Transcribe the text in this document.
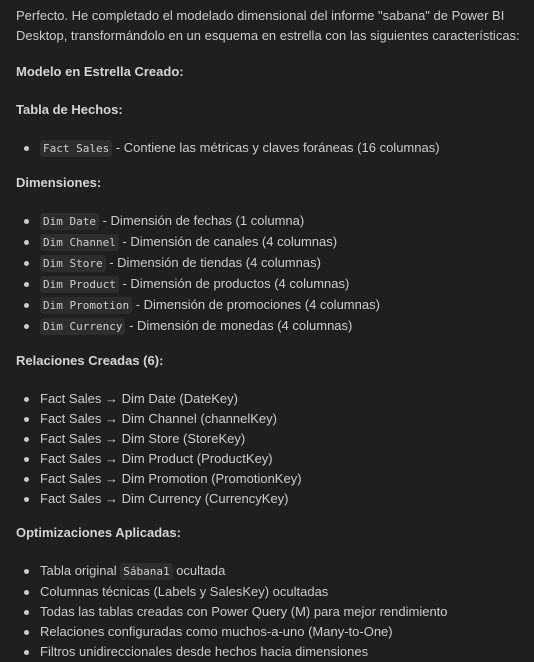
Perfecto. He completado el modelado dimensional del informe "sabana" de Power BI Desktop, transformándolo en un esquema en estrella con las siguientes características:

Modelo en Estrella Creado:

Tabla de Hechos:

Fact Sales - Contiene las métricas y claves foráneas (16 columnas)

Dimensiones:

Dim Date - Dimensión de fechas (1 columna)
Dim Channel - Dimensión de canales (4 columnas)
Dim Store - Dimensión de tiendas (4 columnas)
Dim Product - Dimensión de productos (4 columnas)
Dim Promotion - Dimensión de promociones (4 columnas)
Dim Currency - Dimensión de monedas (4 columnas)

Relaciones Creadas (6):

Fact Sales → Dim Date (DateKey)
Fact Sales → Dim Channel (channelKey)
Fact Sales → Dim Store (StoreKey)
Fact Sales → Dim Product (ProductKey)
Fact Sales → Dim Promotion (PromotionKey)
Fact Sales → Dim Currency (CurrencyKey)

Optimizaciones Aplicadas:

Tabla original Sábana1 ocultada
Columnas técnicas (Labels y SalesKey) ocultadas
Todas las tablas creadas con Power Query (M) para mejor rendimiento
Relaciones configuradas como muchos-a-uno (Many-to-One)
Filtros unidireccionales desde hechos hacia dimensiones
